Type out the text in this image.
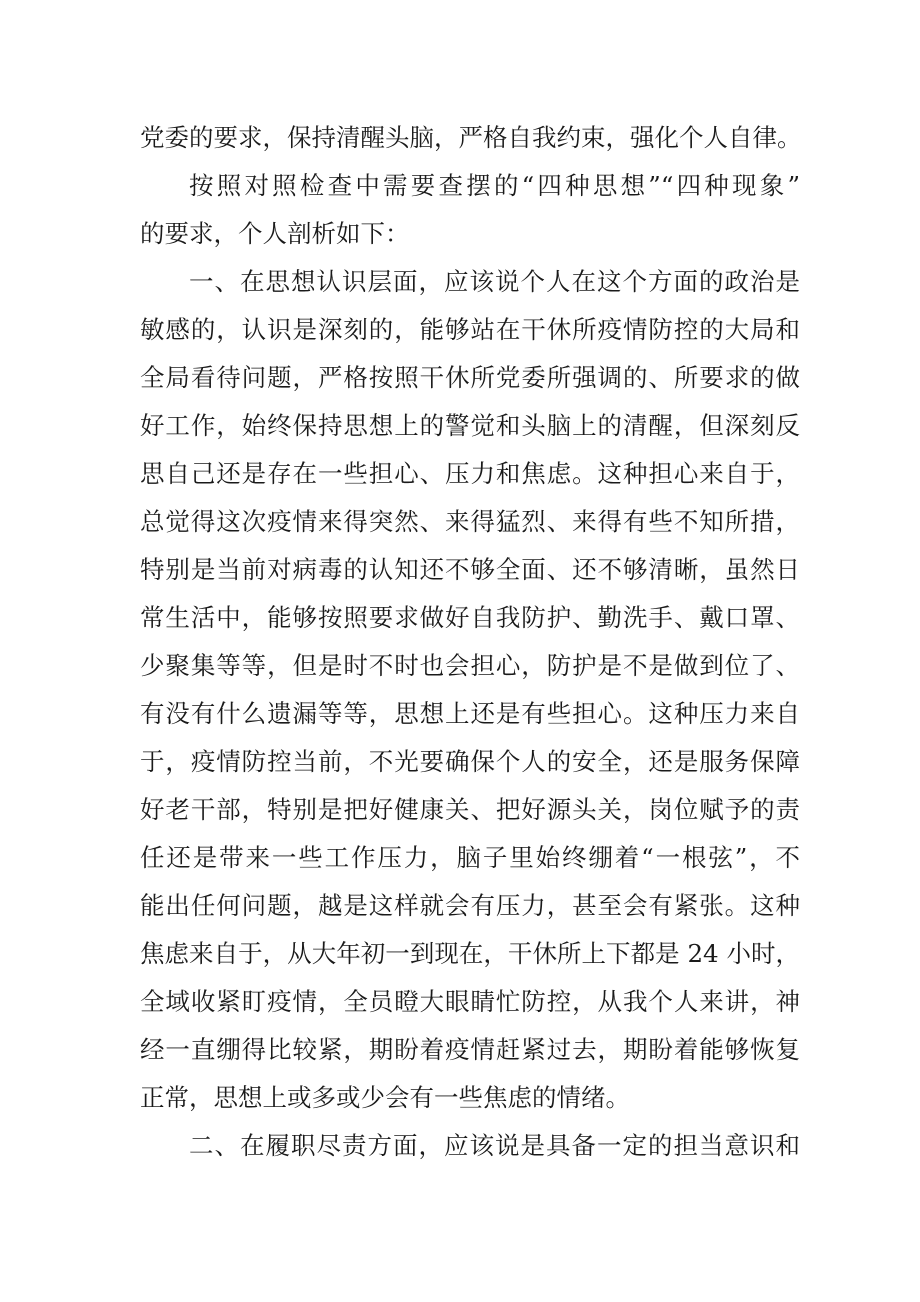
党委的要求，保持清醒头脑，严格自我约束，强化个人自律。
按照对照检查中需要查摆的“四种思想”“四种现象”
的要求，个人剖析如下：
一、在思想认识层面，应该说个人在这个方面的政治是
敏感的，认识是深刻的，能够站在干休所疫情防控的大局和
全局看待问题，严格按照干休所党委所强调的、所要求的做
好工作，始终保持思想上的警觉和头脑上的清醒，但深刻反
思自己还是存在一些担心、压力和焦虑。这种担心来自于，
总觉得这次疫情来得突然、来得猛烈、来得有些不知所措，
特别是当前对病毒的认知还不够全面、还不够清晰，虽然日
常生活中，能够按照要求做好自我防护、勤洗手、戴口罩、
少聚集等等，但是时不时也会担心，防护是不是做到位了、
有没有什么遗漏等等，思想上还是有些担心。这种压力来自
于，疫情防控当前，不光要确保个人的安全，还是服务保障
好老干部，特别是把好健康关、把好源头关，岗位赋予的责
任还是带来一些工作压力，脑子里始终绷着“一根弦”，不
能出任何问题，越是这样就会有压力，甚至会有紧张。这种
焦虑来自于，从大年初一到现在，干休所上下都是 24 小时，
全域收紧盯疫情，全员瞪大眼睛忙防控，从我个人来讲，神
经一直绷得比较紧，期盼着疫情赶紧过去，期盼着能够恢复
正常，思想上或多或少会有一些焦虑的情绪。
二、在履职尽责方面，应该说是具备一定的担当意识和
